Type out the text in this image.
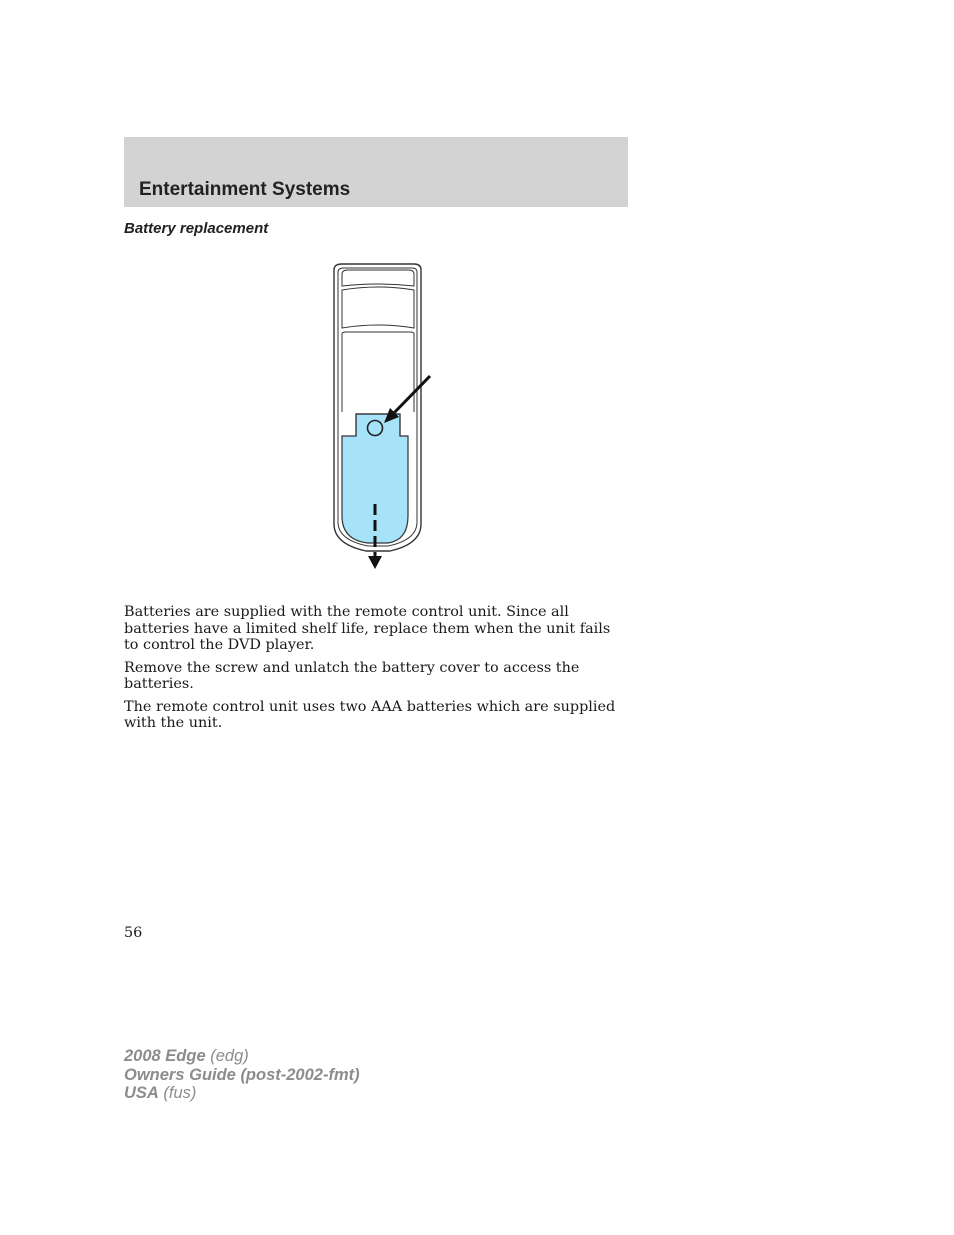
Entertainment Systems
Battery replacement

Batteries are supplied with the remote control unit. Since all batteries have a limited shelf life, replace them when the unit fails to control the DVD player.

Remove the screw and unlatch the battery cover to access the batteries.

The remote control unit uses two AAA batteries which are supplied with the unit.

56
2008 Edge (edg)
Owners Guide (post-2002-fmt)
USA (fus)
